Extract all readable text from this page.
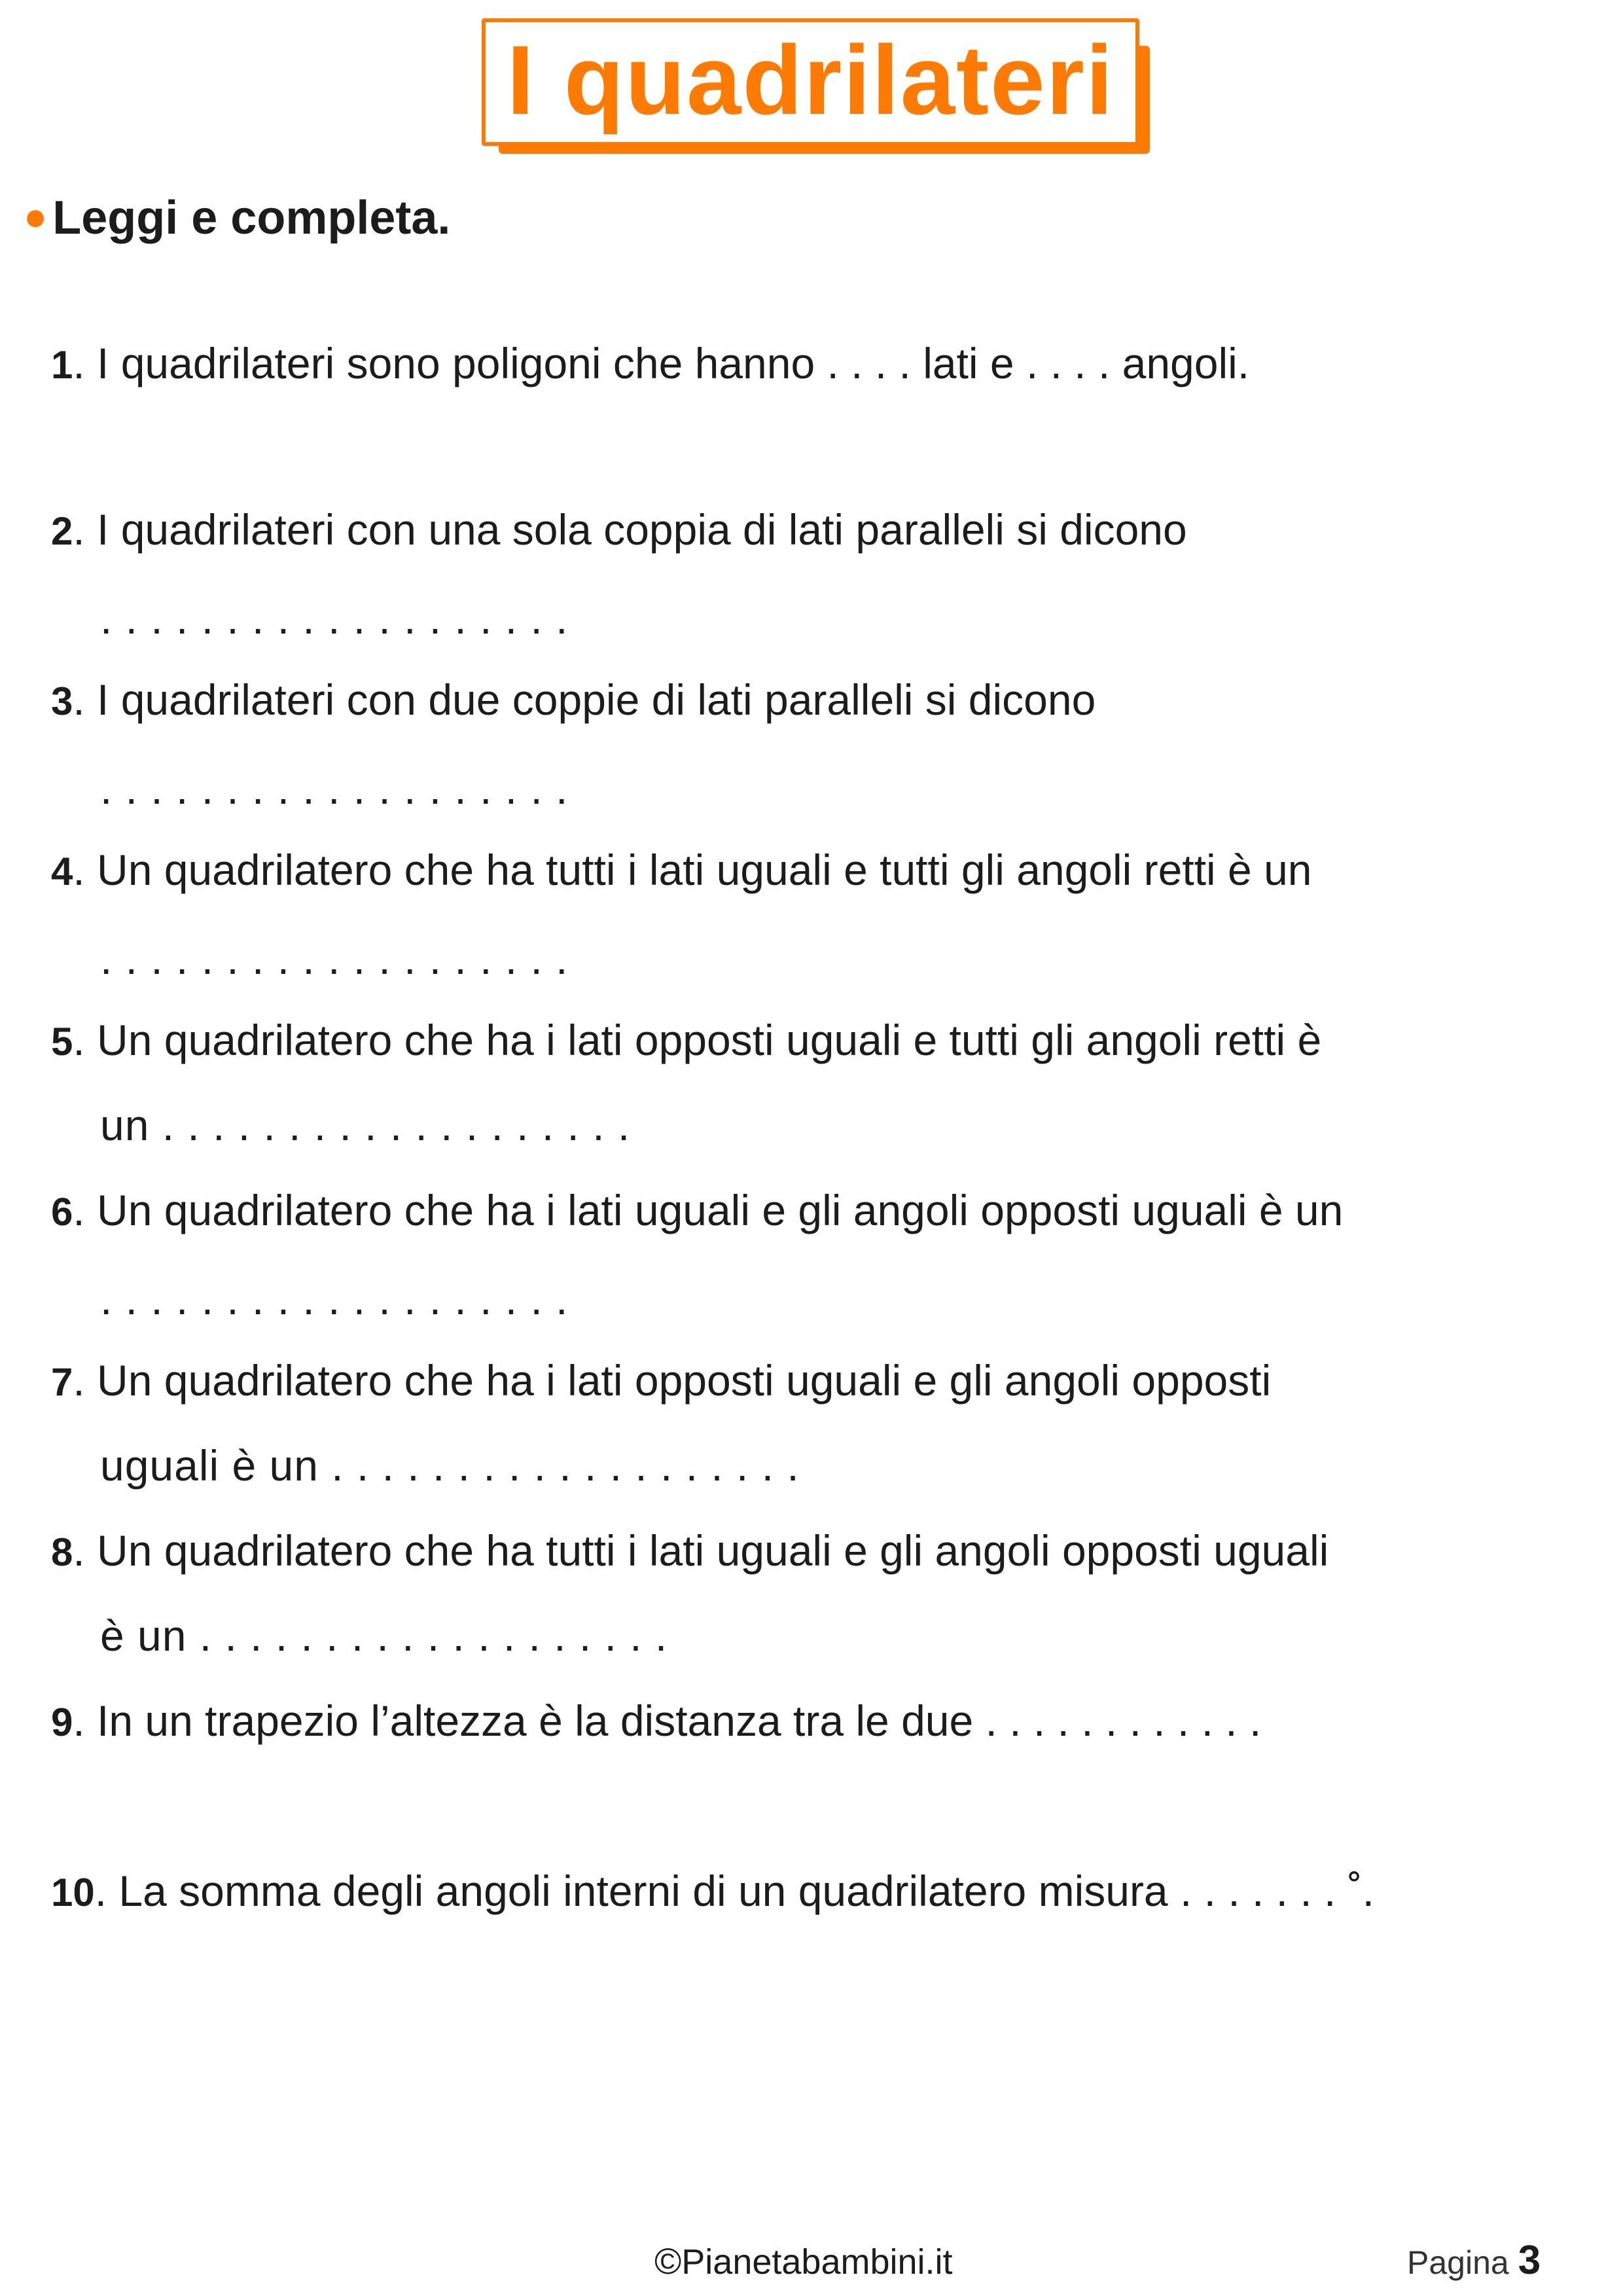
I quadrilateri
● Leggi e completa.
1. I quadrilateri sono poligoni che hanno . . . . lati e . . . . angoli.
2. I quadrilateri con una sola coppia di lati paralleli si dicono
. . . . . . . . . . . . . . . . . . .
3. I quadrilateri con due coppie di lati paralleli si dicono
. . . . . . . . . . . . . . . . . . .
4. Un quadrilatero che ha tutti i lati uguali e tutti gli angoli retti è un
. . . . . . . . . . . . . . . . . . .
5. Un quadrilatero che ha i lati opposti uguali e tutti gli angoli retti è
un . . . . . . . . . . . . . . . . . . .
6. Un quadrilatero che ha i lati uguali e gli angoli opposti uguali è un
. . . . . . . . . . . . . . . . . . .
7. Un quadrilatero che ha i lati opposti uguali e gli angoli opposti
uguali è un . . . . . . . . . . . . . . . . . . .
8. Un quadrilatero che ha tutti i lati uguali e gli angoli opposti uguali
è un . . . . . . . . . . . . . . . . . . .
9. In un trapezio l’altezza è la distanza tra le due . . . . . . . . . . . .
10. La somma degli angoli interni di un quadrilatero misura . . . . . . . ˚.
©Pianetabambini.it	Pagina 3
